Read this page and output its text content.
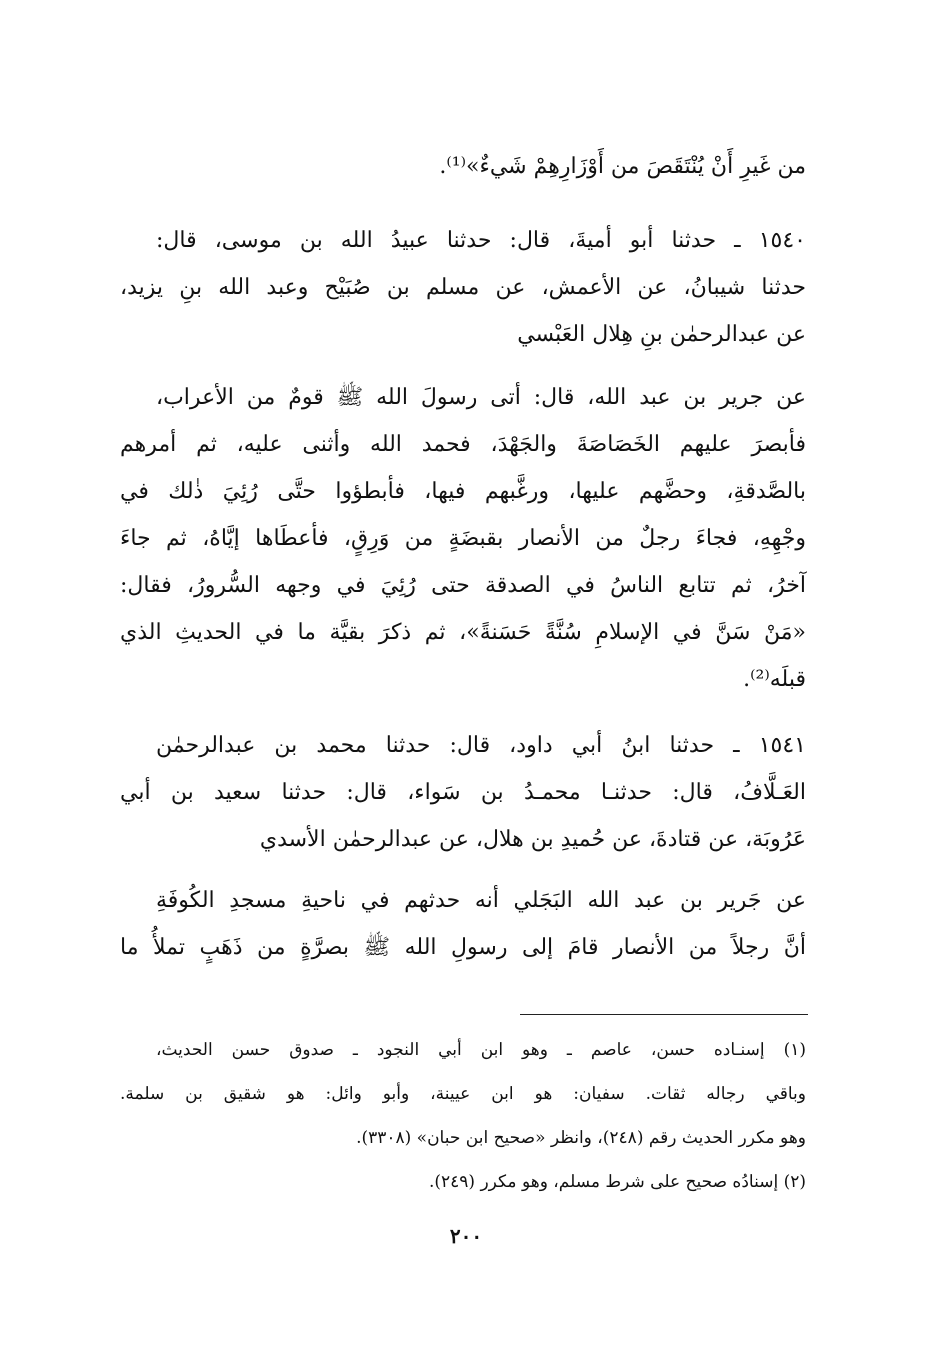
من غَيرِ أَنْ يُنْتَقَصَ من أَوْزَارِهِمْ شَيءٌ»⁽¹⁾.
١٥٤٠ ـ حدثنا أبو أميةَ، قال: حدثنا عبيدُ الله بن موسى، قال:
حدثنا شيبانُ، عن الأعمش، عن مسلم بن صُبَيْح وعبد الله بنِ يزيد،
عن عبدالرحمٰن بنِ هِلال العَبْسي
عن جرير بن عبد الله، قال: أتى رسولَ الله ﷺ قومٌ من الأعراب،
فأبصرَ عليهم الخَصَاصَةَ والجَهْدَ، فحمد الله وأثنى عليه، ثم أمرهم
بالصَّدقةِ، وحضَّهم عليها، ورغَّبهم فيها، فأبطؤوا حتَّى رُئِيَ ذٰلك في
وجْهِهِ، فجاءَ رجلٌ من الأنصار بقبضَةٍ من وَرِقٍ، فأعطَاها إيَّاهُ، ثم جاءَ
آخرُ، ثم تتابع الناسُ في الصدقة حتى رُئِيَ في وجهه السُّرورُ، فقال:
«مَنْ سَنَّ في الإسلامِ سُنَّةً حَسَنةً»، ثم ذكرَ بقيَّة ما في الحديثِ الذي
قبلَه⁽²⁾.
١٥٤١ ـ حدثنا ابنُ أبي داود، قال: حدثنا محمد بن عبدالرحمٰن
العَـلَّافُ، قال: حدثنـا محمـدُ بن سَواء، قال: حدثنا سعيد بن أبي
عَرُوبَة، عن قتادةَ، عن حُميدِ بن هلال، عن عبدالرحمٰن الأسدي
عن جَرير بن عبد الله البَجَلي أنه حدثهم في ناحيةِ مسجدِ الكُوفَةِ
أنَّ رجلاً من الأنصار قامَ إلى رسولِ الله ﷺ بصرَّةٍ من ذَهَبٍ تملأُ ما
(١) إسنـاده حسن، عاصم ـ وهو ابن أبي النجود ـ صدوق حسن الحديث،
وباقي رجاله ثقات. سفيان: هو ابن عيينة، وأبو وائل: هو شقيق بن سلمة.
وهو مكرر الحديث رقم (٢٤٨)، وانظر «صحيح ابن حبان» (٣٣٠٨).
(٢) إسنادُه صحيح على شرط مسلم، وهو مكرر (٢٤٩).
٢٠٠
